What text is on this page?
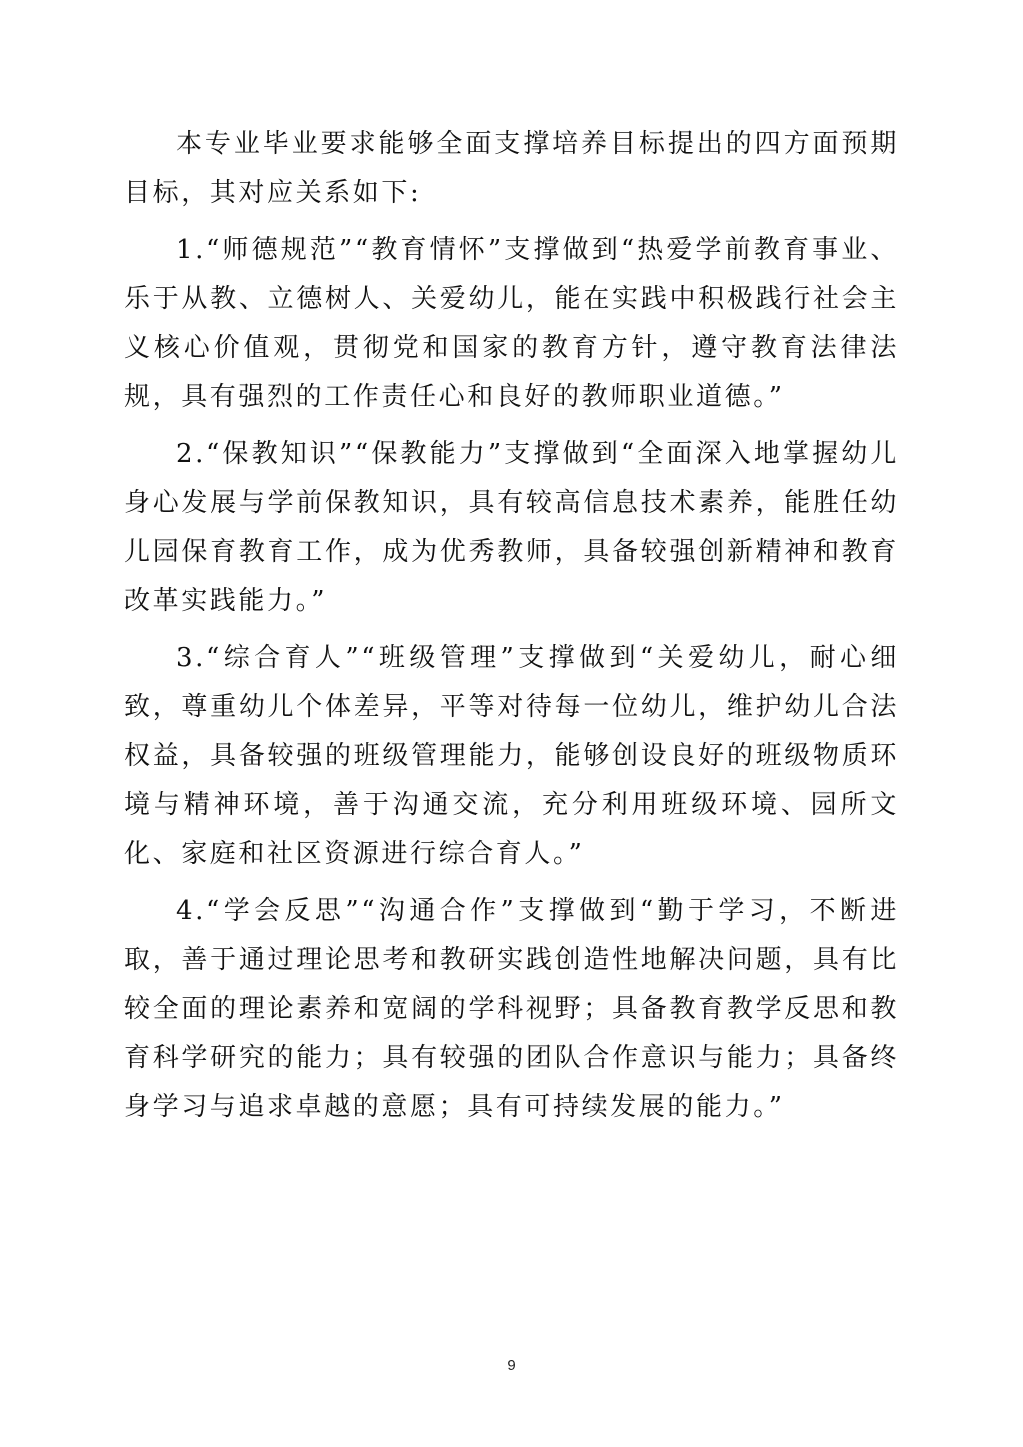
本专业毕业要求能够全面支撑培养目标提出的四方面预期目标，其对应关系如下:

1.“师德规范”“教育情怀”支撑做到“热爱学前教育事业、乐于从教、立德树人、关爱幼儿，能在实践中积极践行社会主义核心价值观，贯彻党和国家的教育方针，遵守教育法律法规，具有强烈的工作责任心和良好的教师职业道德。”

2.“保教知识”“保教能力”支撑做到“全面深入地掌握幼儿身心发展与学前保教知识，具有较高信息技术素养，能胜任幼儿园保育教育工作，成为优秀教师，具备较强创新精神和教育改革实践能力。”

3.“综合育人”“班级管理”支撑做到“关爱幼儿，耐心细致，尊重幼儿个体差异，平等对待每一位幼儿，维护幼儿合法权益，具备较强的班级管理能力，能够创设良好的班级物质环境与精神环境，善于沟通交流，充分利用班级环境、园所文化、家庭和社区资源进行综合育人。”

4.“学会反思”“沟通合作”支撑做到“勤于学习，不断进取，善于通过理论思考和教研实践创造性地解决问题，具有比较全面的理论素养和宽阔的学科视野；具备教育教学反思和教育科学研究的能力；具有较强的团队合作意识与能力；具备终身学习与追求卓越的意愿；具有可持续发展的能力。”

9
